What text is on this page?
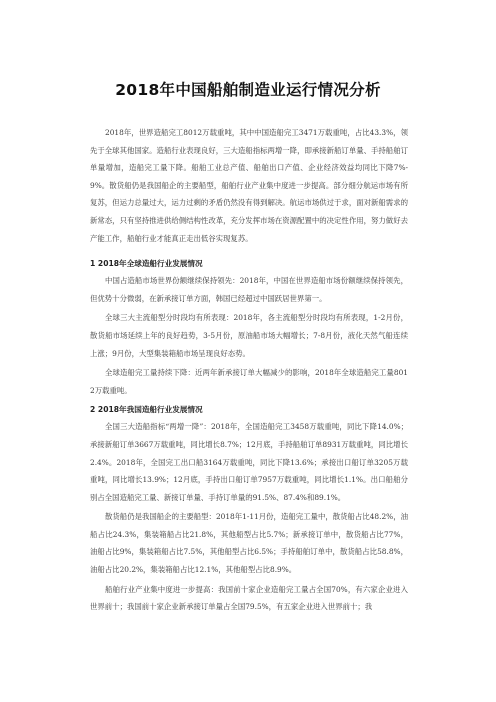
2018年中国船舶制造业运行情况分析

2018年，世界造船完工8012万载重吨，其中中国造船完工3471万载重吨，占比43.3%，领先于全球其他国家。造船行业表现良好，三大造船指标两增一降，即承接新船订单量、手持船舶订单量增加，造船完工量下降。船舶工业总产值、船舶出口产值、企业经济效益均同比下降7%-9%。散货船仍是我国船企的主要船型，船舶行业产业集中度进一步提高。部分细分航运市场有所复苏，但运力总量过大，运力过剩的矛盾仍然没有得到解决。航运市场供过于求，面对新船需求的新常态，只有坚持推进供给侧结构性改革，充分发挥市场在资源配置中的决定性作用，努力做好去产能工作，船舶行业才能真正走出低谷实现复苏。

1 2018年全球造船行业发展情况

中国占造船市场世界份额继续保持领先：2018年，中国在世界造船市场份额继续保持领先，但优势十分微弱，在新承接订单方面，韩国已经超过中国跃居世界第一。

全球三大主流船型分时段均有所表现：2018年，各主流船型分时段均有所表现，1-2月份，散货船市场延续上年的良好趋势，3-5月份，原油船市场大幅增长；7-8月份，液化天然气船连续上涨；9月份，大型集装箱船市场呈现良好态势。

全球造船完工量持续下降：近两年新承接订单大幅减少的影响，2018年全球造船完工量8012万载重吨。

2 2018年我国造船行业发展情况

全国三大造船指标“两增一降”：2018年，全国造船完工3458万载重吨，同比下降14.0%；承接新船订单3667万载重吨，同比增长8.7%；12月底，手持船舶订单8931万载重吨，同比增长2.4%。2018年，全国完工出口船3164万载重吨，同比下降13.6%；承接出口船订单3205万载重吨，同比增长13.9%；12月底，手持出口船订单7957万载重吨，同比增长1.1%。出口船舶分别占全国造船完工量、新接订单量、手持订单量的91.5%、87.4%和89.1%。

散货船仍是我国船企的主要船型：2018年1-11月份，造船完工量中，散货船占比48.2%，油船占比24.3%，集装箱船占比21.8%，其他船型占比5.7%；新承接订单中，散货船占比77%，油船占比9%，集装箱船占比7.5%，其他船型占比6.5%；手持船舶订单中，散货船占比58.8%，油船占比20.2%，集装箱船占比12.1%，其他船型占比8.9%。

船舶行业产业集中度进一步提高：我国前十家企业造船完工量占全国70%，有六家企业进入世界前十；我国前十家企业新承接订单量占全国79.5%，有五家企业进入世界前十；我
